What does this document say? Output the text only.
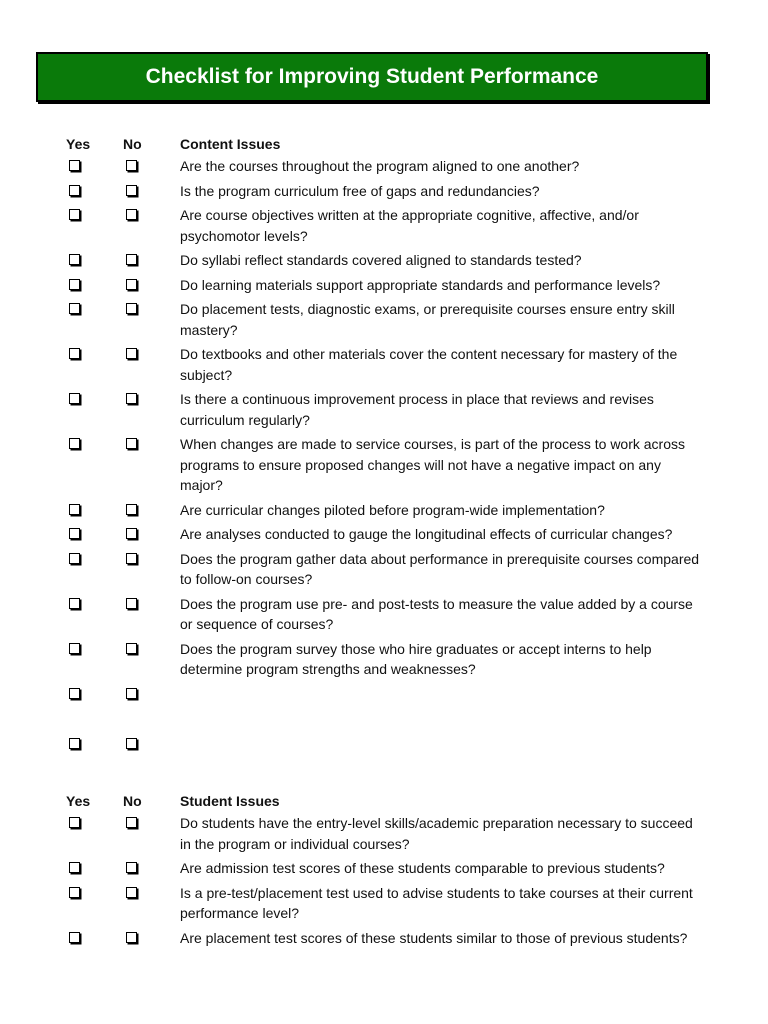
Checklist for Improving Student Performance
Yes	No	Content Issues
Are the courses throughout the program aligned to one another?
Is the program curriculum free of gaps and redundancies?
Are course objectives written at the appropriate cognitive, affective, and/or psychomotor levels?
Do syllabi reflect standards covered aligned to standards tested?
Do learning materials support appropriate standards and performance levels?
Do placement tests, diagnostic exams, or prerequisite courses ensure entry skill mastery?
Do textbooks and other materials cover the content necessary for mastery of the subject?
Is there a continuous improvement process in place that reviews and revises curriculum regularly?
When changes are made to service courses, is part of the process to work across programs to ensure proposed changes will not have a negative impact on any major?
Are curricular changes piloted before program-wide implementation?
Are analyses conducted to gauge the longitudinal effects of curricular changes?
Does the program gather data about performance in prerequisite courses compared to follow-on courses?
Does the program use pre- and post-tests to measure the value added by a course or sequence of courses?
Does the program survey those who hire graduates or accept interns to help determine program strengths and weaknesses?
Yes	No	Student Issues
Do students have the entry-level skills/academic preparation necessary to succeed in the program or individual courses?
Are admission test scores of these students comparable to previous students?
Is a pre-test/placement test used to advise students to take courses at their current performance level?
Are placement test scores of these students similar to those of previous students?
